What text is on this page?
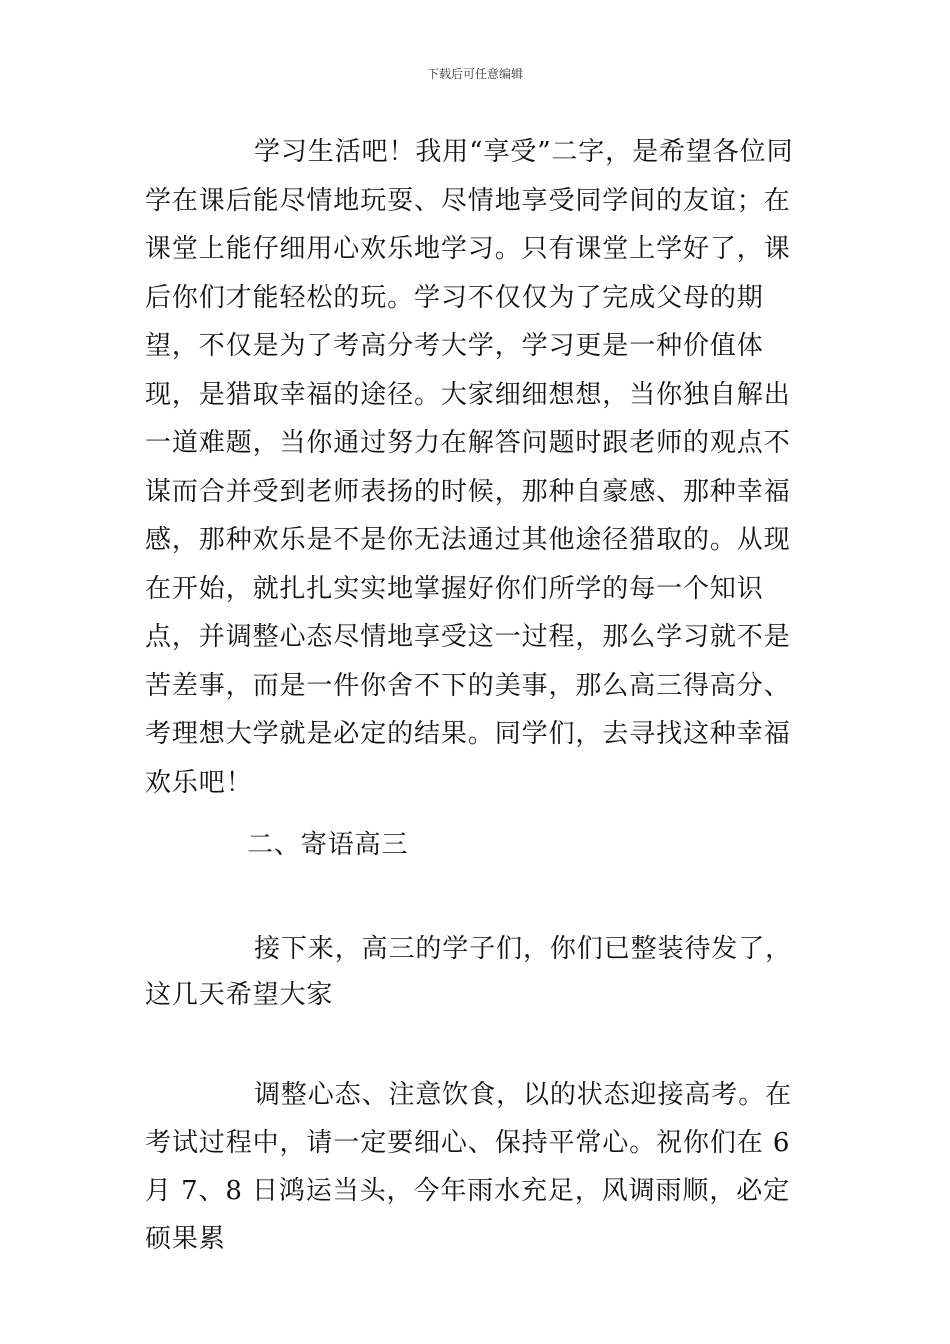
下载后可任意编辑

学习生活吧！我用“享受”二字，是希望各位同学在课后能尽情地玩耍、尽情地享受同学间的友谊；在课堂上能仔细用心欢乐地学习。只有课堂上学好了，课后你们才能轻松的玩。学习不仅仅为了完成父母的期望，不仅是为了考高分考大学，学习更是一种价值体现，是猎取幸福的途径。大家细细想想，当你独自解出一道难题，当你通过努力在解答问题时跟老师的观点不谋而合并受到老师表扬的时候，那种自豪感、那种幸福感，那种欢乐是不是你无法通过其他途径猎取的。从现在开始，就扎扎实实地掌握好你们所学的每一个知识点，并调整心态尽情地享受这一过程，那么学习就不是苦差事，而是一件你舍不下的美事，那么高三得高分、考理想大学就是必定的结果。同学们，去寻找这种幸福欢乐吧！

二、寄语高三

接下来，高三的学子们，你们已整装待发了，这几天希望大家

调整心态、注意饮食，以的状态迎接高考。在考试过程中，请一定要细心、保持平常心。祝你们在 6 月 7、8 日鸿运当头，今年雨水充足，风调雨顺，必定硕果累
